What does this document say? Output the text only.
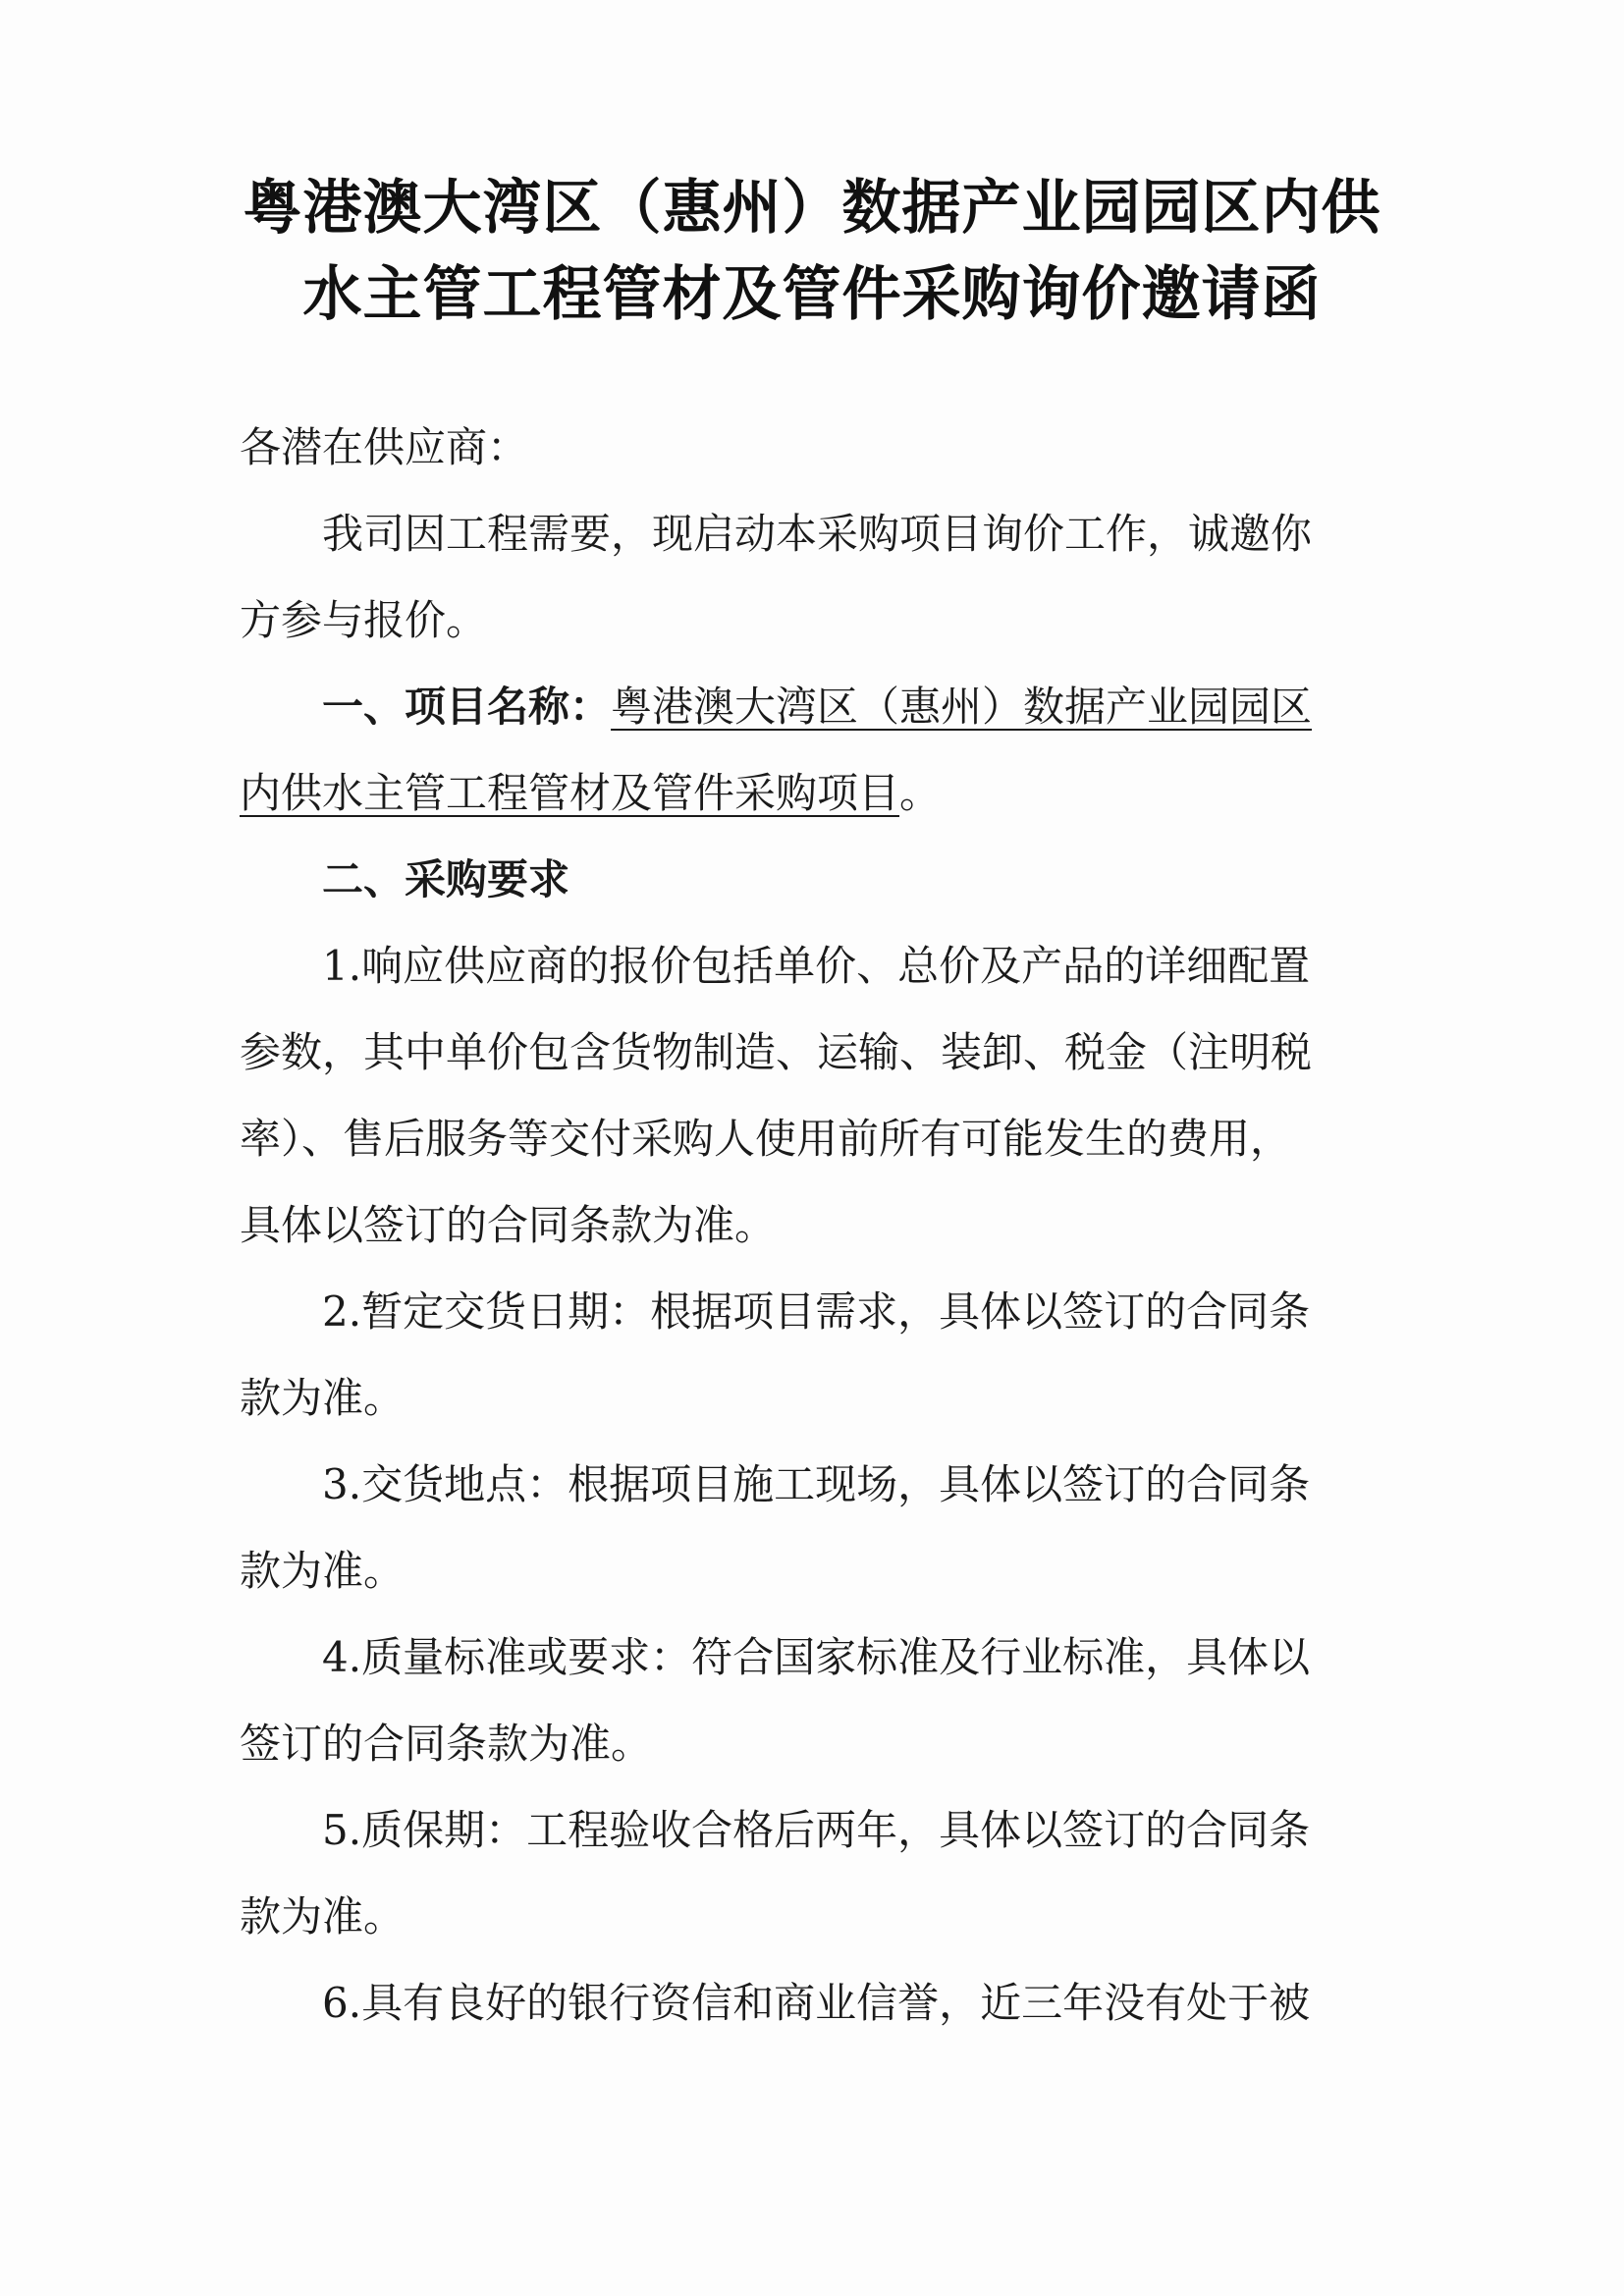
粤港澳大湾区（惠州）数据产业园园区内供
水主管工程管材及管件采购询价邀请函

各潜在供应商：

我司因工程需要，现启动本采购项目询价工作，诚邀你

方参与报价。

一、项目名称：粤港澳大湾区（惠州）数据产业园园区

内供水主管工程管材及管件采购项目。

二、采购要求

1.响应供应商的报价包括单价、总价及产品的详细配置

参数，其中单价包含货物制造、运输、装卸、税金（注明税

率）、售后服务等交付采购人使用前所有可能发生的费用，

具体以签订的合同条款为准。

2.暂定交货日期：根据项目需求，具体以签订的合同条

款为准。

3.交货地点：根据项目施工现场，具体以签订的合同条

款为准。

4.质量标准或要求：符合国家标准及行业标准，具体以

签订的合同条款为准。

5.质保期：工程验收合格后两年，具体以签订的合同条

款为准。

6.具有良好的银行资信和商业信誉，近三年没有处于被
